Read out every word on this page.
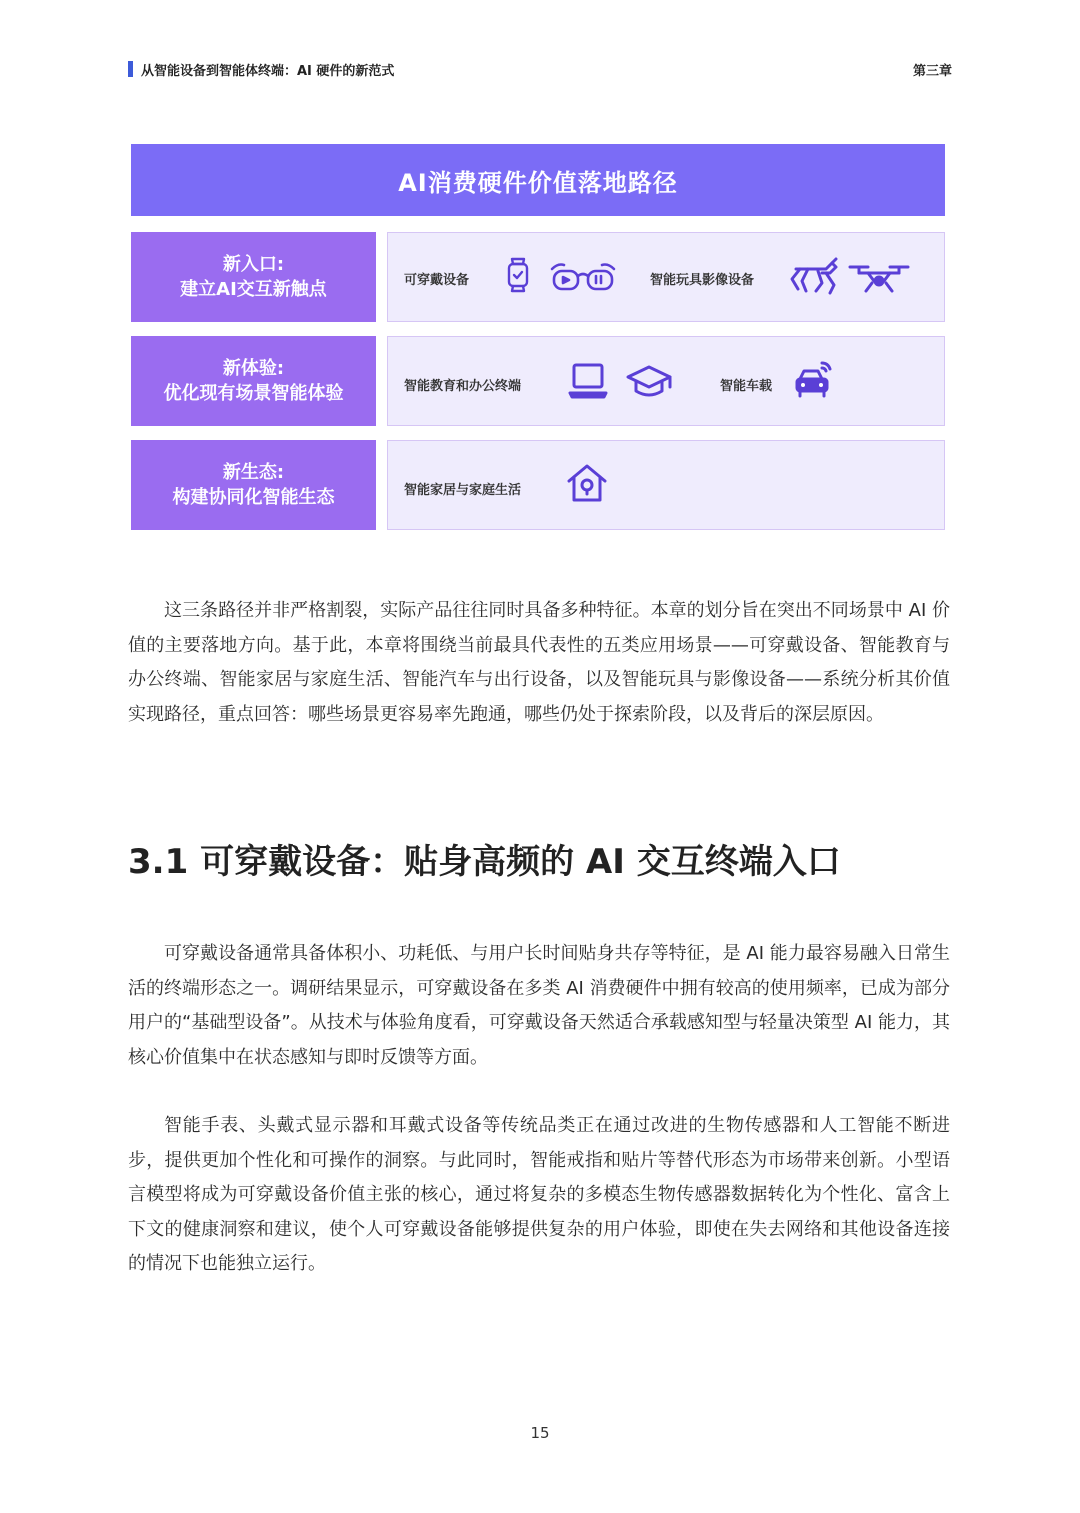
从智能设备到智能体终端：AI 硬件的新范式	第三章
AI消费硬件价值落地路径
新入口:
建立AI交互新触点	可穿戴设备	智能玩具影像设备
新体验:
优化现有场景智能体验	智能教育和办公终端	智能车载
新生态:
构建协同化智能生态	智能家居与家庭生活

这三条路径并非严格割裂，实际产品往往同时具备多种特征。本章的划分旨在突出不同场景中 AI 价值的主要落地方向。基于此，本章将围绕当前最具代表性的五类应用场景——可穿戴设备、智能教育与办公终端、智能家居与家庭生活、智能汽车与出行设备，以及智能玩具与影像设备——系统分析其价值实现路径，重点回答：哪些场景更容易率先跑通，哪些仍处于探索阶段，以及背后的深层原因。

3.1 可穿戴设备：贴身高频的 AI 交互终端入口

可穿戴设备通常具备体积小、功耗低、与用户长时间贴身共存等特征，是 AI 能力最容易融入日常生活的终端形态之一。调研结果显示，可穿戴设备在多类 AI 消费硬件中拥有较高的使用频率，已成为部分用户的“基础型设备”。从技术与体验角度看，可穿戴设备天然适合承载感知型与轻量决策型 AI 能力，其核心价值集中在状态感知与即时反馈等方面。

智能手表、头戴式显示器和耳戴式设备等传统品类正在通过改进的生物传感器和人工智能不断进步，提供更加个性化和可操作的洞察。与此同时，智能戒指和贴片等替代形态为市场带来创新。小型语言模型将成为可穿戴设备价值主张的核心，通过将复杂的多模态生物传感器数据转化为个性化、富含上下文的健康洞察和建议，使个人可穿戴设备能够提供复杂的用户体验，即使在失去网络和其他设备连接的情况下也能独立运行。

15
